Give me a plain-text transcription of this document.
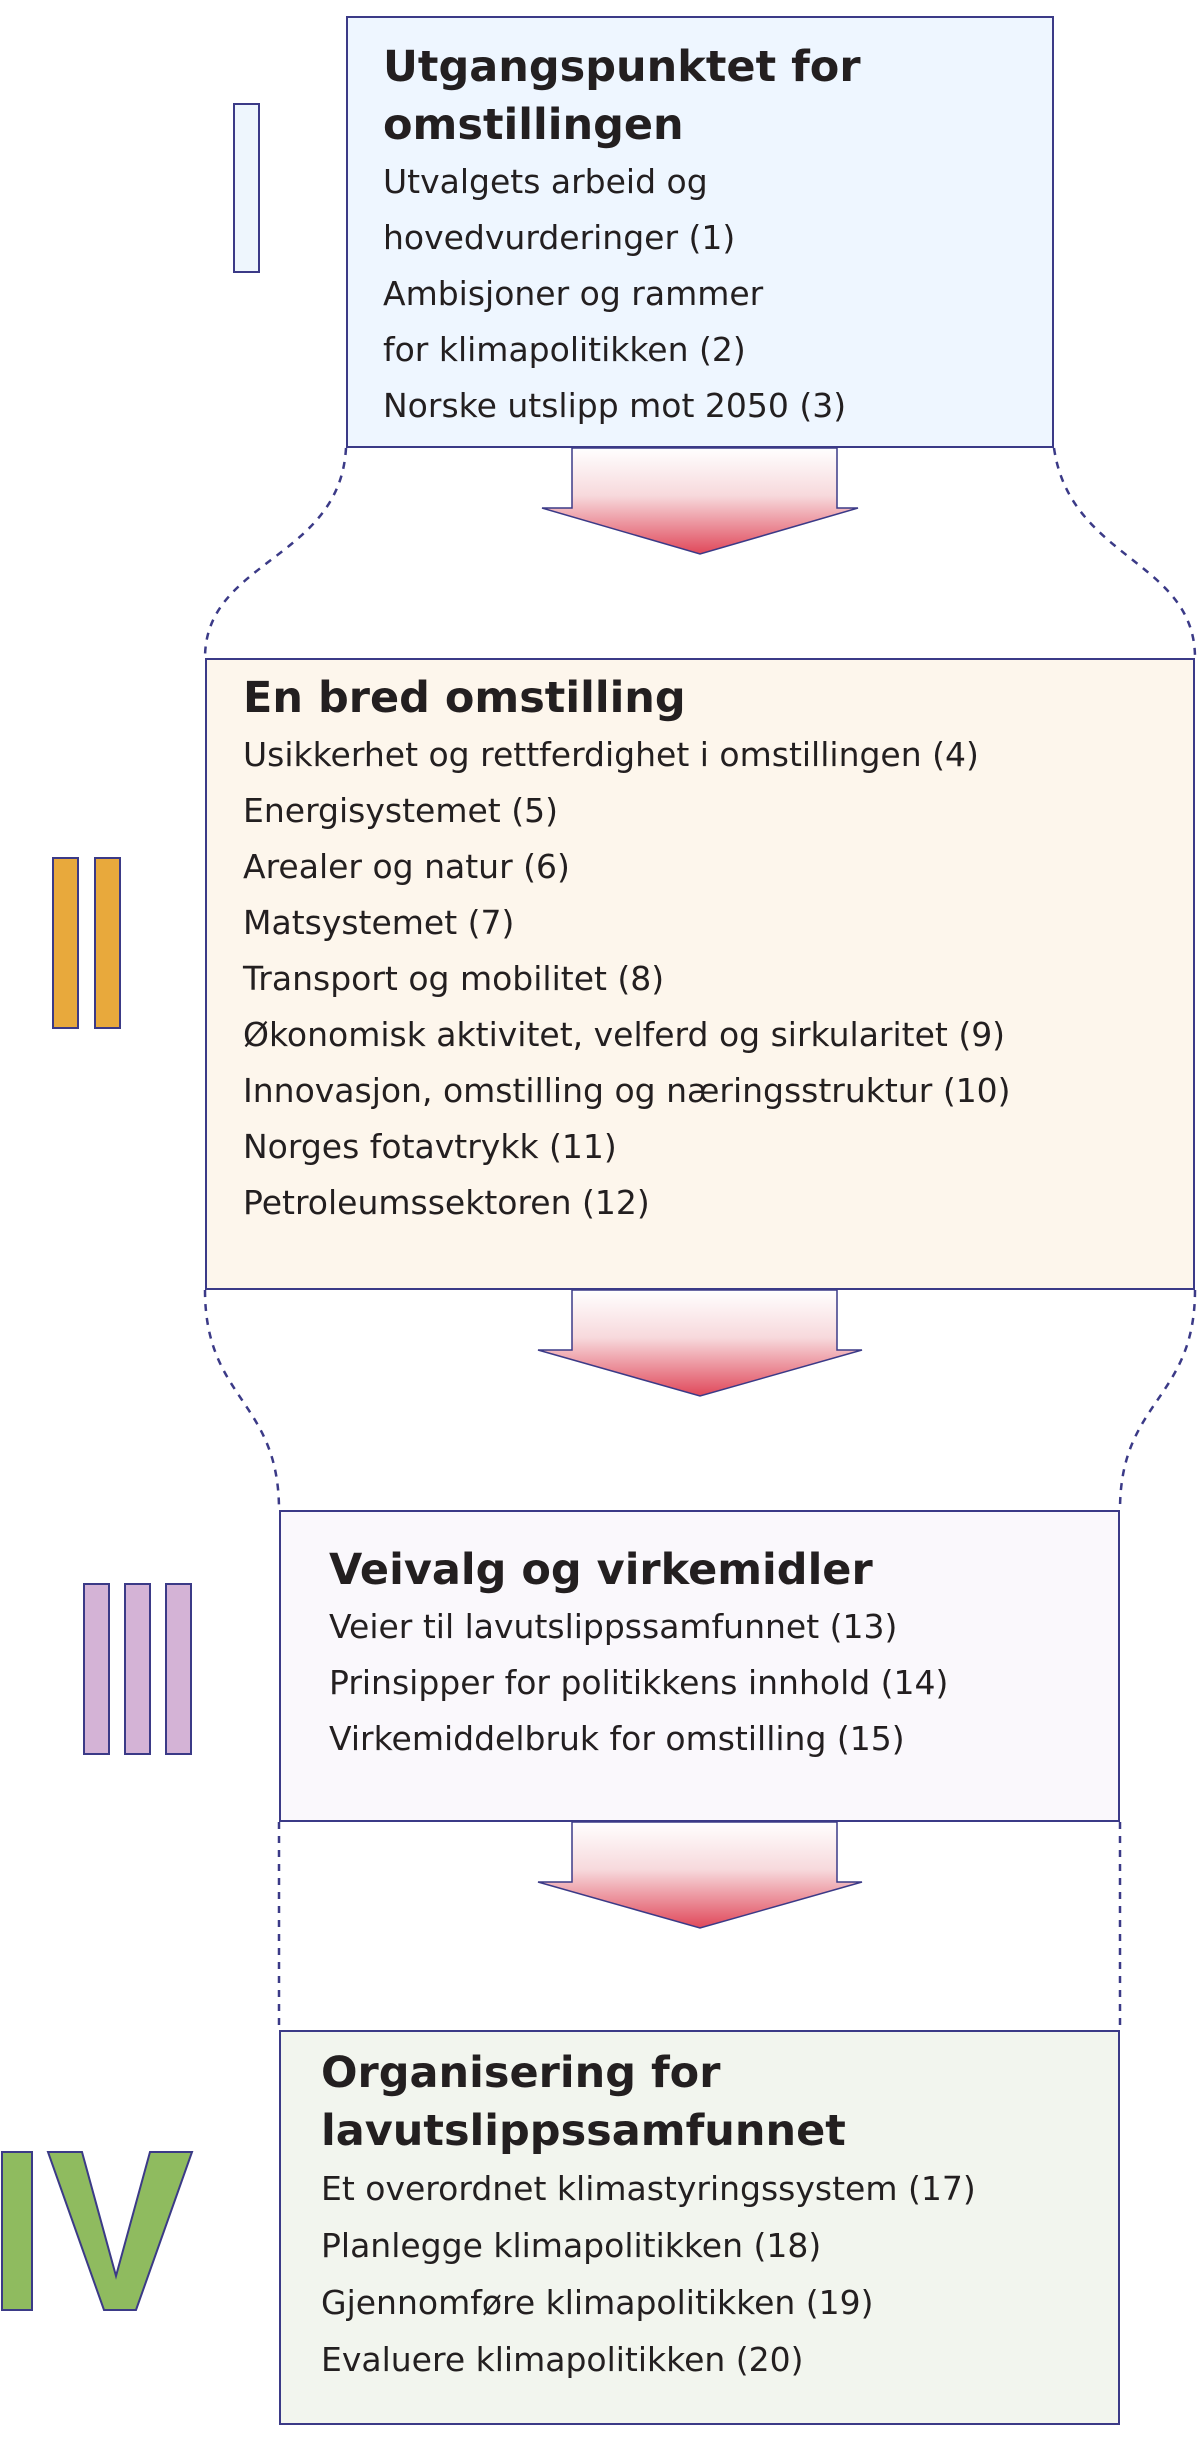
Utgangspunktet for
omstillingen
Utvalgets arbeid og
hovedvurderinger (1)
Ambisjoner og rammer
for klimapolitikken (2)
Norske utslipp mot 2050 (3)
En bred omstilling
Usikkerhet og rettferdighet i omstillingen (4)
Energisystemet (5)
Arealer og natur (6)
Matsystemet (7)
Transport og mobilitet (8)
Økonomisk aktivitet, velferd og sirkularitet (9)
Innovasjon, omstilling og næringsstruktur (10)
Norges fotavtrykk (11)
Petroleumssektoren (12)
Veivalg og virkemidler
Veier til lavutslippssamfunnet (13)
Prinsipper for politikkens innhold (14)
Virkemiddelbruk for omstilling (15)
Organisering for
lavutslippssamfunnet
Et overordnet klimastyringssystem (17)
Planlegge klimapolitikken (18)
Gjennomføre klimapolitikken (19)
Evaluere klimapolitikken (20)
